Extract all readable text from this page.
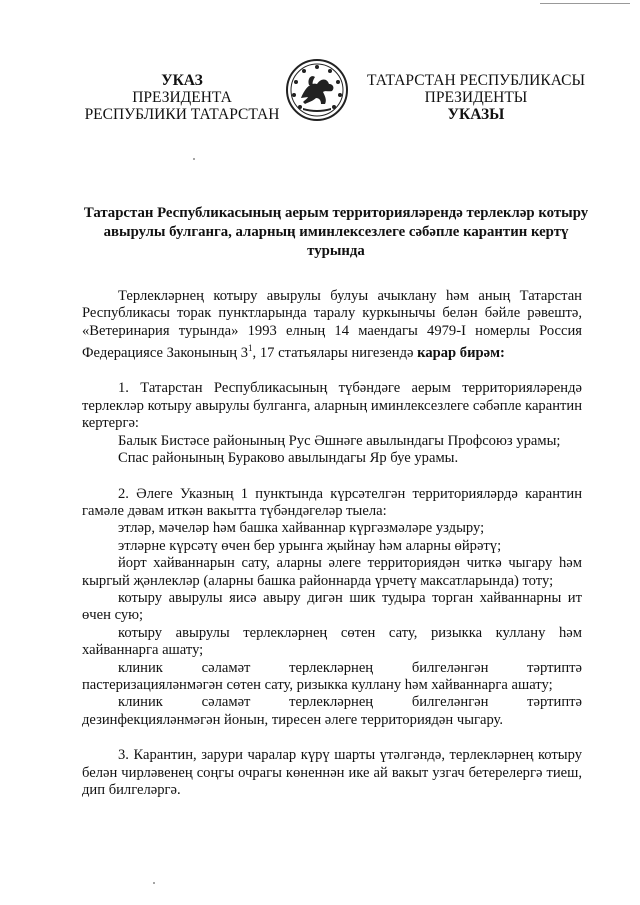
УКАЗ
ПРЕЗИДЕНТА
РЕСПУБЛИКИ ТАТАРСТАН
ТАТАРСТАН РЕСПУБЛИКАСЫ
ПРЕЗИДЕНТЫ
УКАЗЫ
Татарстан Республикасының аерым территорияләрендә терлекләр котыру авырулы булганга, аларның иминлексезлеге сәбәпле карантин кертү турында

Терлекләрнең котыру авырулы булуы ачыклану һәм аның Татарстан Республикасы торак пунктларында таралу куркынычы белән бәйле рәвештә, «Ветеринария турында» 1993 елның 14 маендагы 4979-I номерлы Россия Федерациясе Законының $3^1$, 17 статьялары нигезендә карар бирәм:

1. Татарстан Республикасының түбәндәге аерым территорияләрендә терлекләр котыру авырулы булганга, аларның иминлексезлеге сәбәпле карантин кертергә:

Балык Бистәсе районының Рус Әшнәге авылындагы Профсоюз урамы;

Спас районының Бураково авылындагы Яр буе урамы.

2. Әлеге Указның 1 пунктында күрсәтелгән территорияләрдә карантин гамәле дәвам иткән вакытта түбәндәгеләр тыела:

этләр, мәчеләр һәм башка хайваннар күргәзмәләре уздыру;

этләрне күрсәтү өчен бер урынга җыйнау һәм аларны өйрәтү;

йорт хайваннарын сату, аларны әлеге территориядән читкә чыгару һәм кыргый җәнлекләр (аларны башка районнарда үрчетү максатларында) тоту;

котыру авырулы яисә авыру дигән шик тудыра торган хайваннарны ит өчен сую;

котыру авырулы терлекләрнең сөтен сату, ризыкка куллану һәм хайваннарга ашату;

клиник сәламәт терлекләрнең билгеләнгән тәртиптә пастеризацияләнмәгән сөтен сату, ризыкка куллану һәм хайваннарга ашату;

клиник сәламәт терлекләрнең билгеләнгән тәртиптә дезинфекцияләнмәгән йонын, тиресен әлеге территориядән чыгару.

3. Карантин, зарури чаралар күрү шарты үтәлгәндә, терлекләрнең котыру белән чирләвенең соңгы очрагы көненнән ике ай вакыт узгач бетерелергә тиеш, дип билгеләргә.
